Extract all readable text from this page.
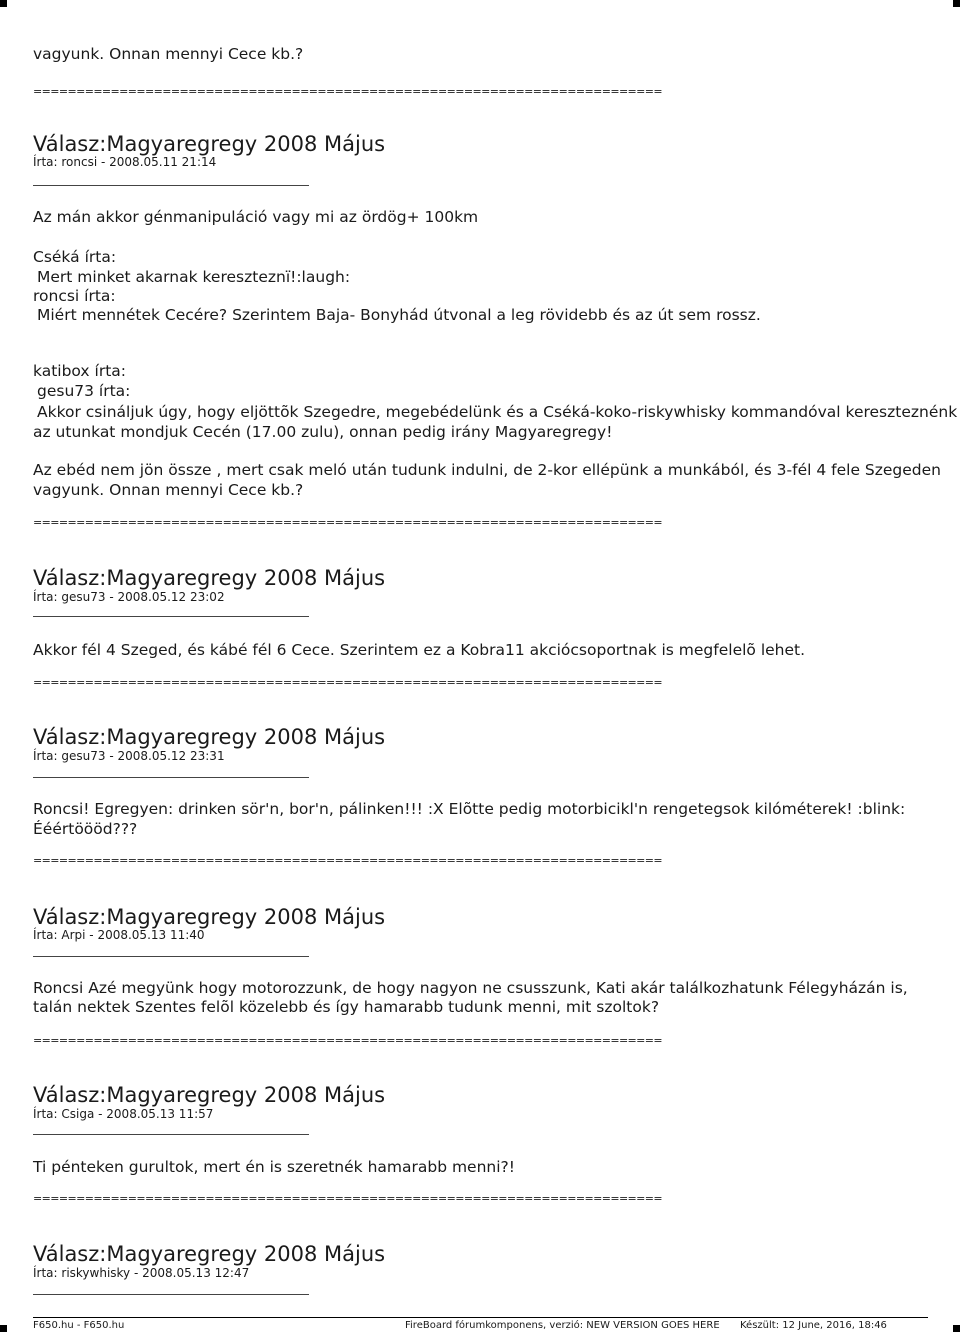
vagyunk. Onnan mennyi Cece kb.?
=========================================================================
Válasz:Magyaregregy 2008 Május
Írta: roncsi - 2008.05.11 21:14
Az mán akkor génmanipuláció vagy mi az ördög+ 100km
Cséká írta:
Mert minket akarnak kereszteznï!:laugh:
roncsi írta:
Miért mennétek Cecére? Szerintem Baja- Bonyhád útvonal a leg rövidebb és az út sem rossz.
katibox írta:
gesu73 írta:
Akkor csináljuk úgy, hogy eljöttõk Szegedre, megebédelünk és a Cséká-koko-riskywhisky kommandóval kereszteznénk
az utunkat mondjuk Cecén (17.00 zulu), onnan pedig irány Magyaregregy!
Az ebéd nem jön össze , mert csak meló után tudunk indulni, de 2-kor ellépünk a munkából, és 3-fél 4 fele Szegeden
vagyunk. Onnan mennyi Cece kb.?
=========================================================================
Válasz:Magyaregregy 2008 Május
Írta: gesu73 - 2008.05.12 23:02
Akkor fél 4 Szeged, és kábé fél 6 Cece. Szerintem ez a Kobra11 akciócsoportnak is megfelelõ lehet.
=========================================================================
Válasz:Magyaregregy 2008 Május
Írta: gesu73 - 2008.05.12 23:31
Roncsi! Egregyen: drinken sör'n, bor'n, pálinken!!! :X Elõtte pedig motorbicikl'n rengetegsok kilóméterek! :blink:
Ééértöööd???
=========================================================================
Válasz:Magyaregregy 2008 Május
Írta: Arpi - 2008.05.13 11:40
Roncsi Azé megyünk hogy motorozzunk, de hogy nagyon ne csusszunk, Kati akár találkozhatunk Félegyházán is,
talán nektek Szentes felõl közelebb és így hamarabb tudunk menni, mit szoltok?
=========================================================================
Válasz:Magyaregregy 2008 Május
Írta: Csiga - 2008.05.13 11:57
Ti pénteken gurultok, mert én is szeretnék hamarabb menni?!
=========================================================================
Válasz:Magyaregregy 2008 Május
Írta: riskywhisky - 2008.05.13 12:47
F650.hu - F650.hu	FireBoard fórumkomponens, verzió: NEW VERSION GOES HERE Készült: 12 June, 2016, 18:46
